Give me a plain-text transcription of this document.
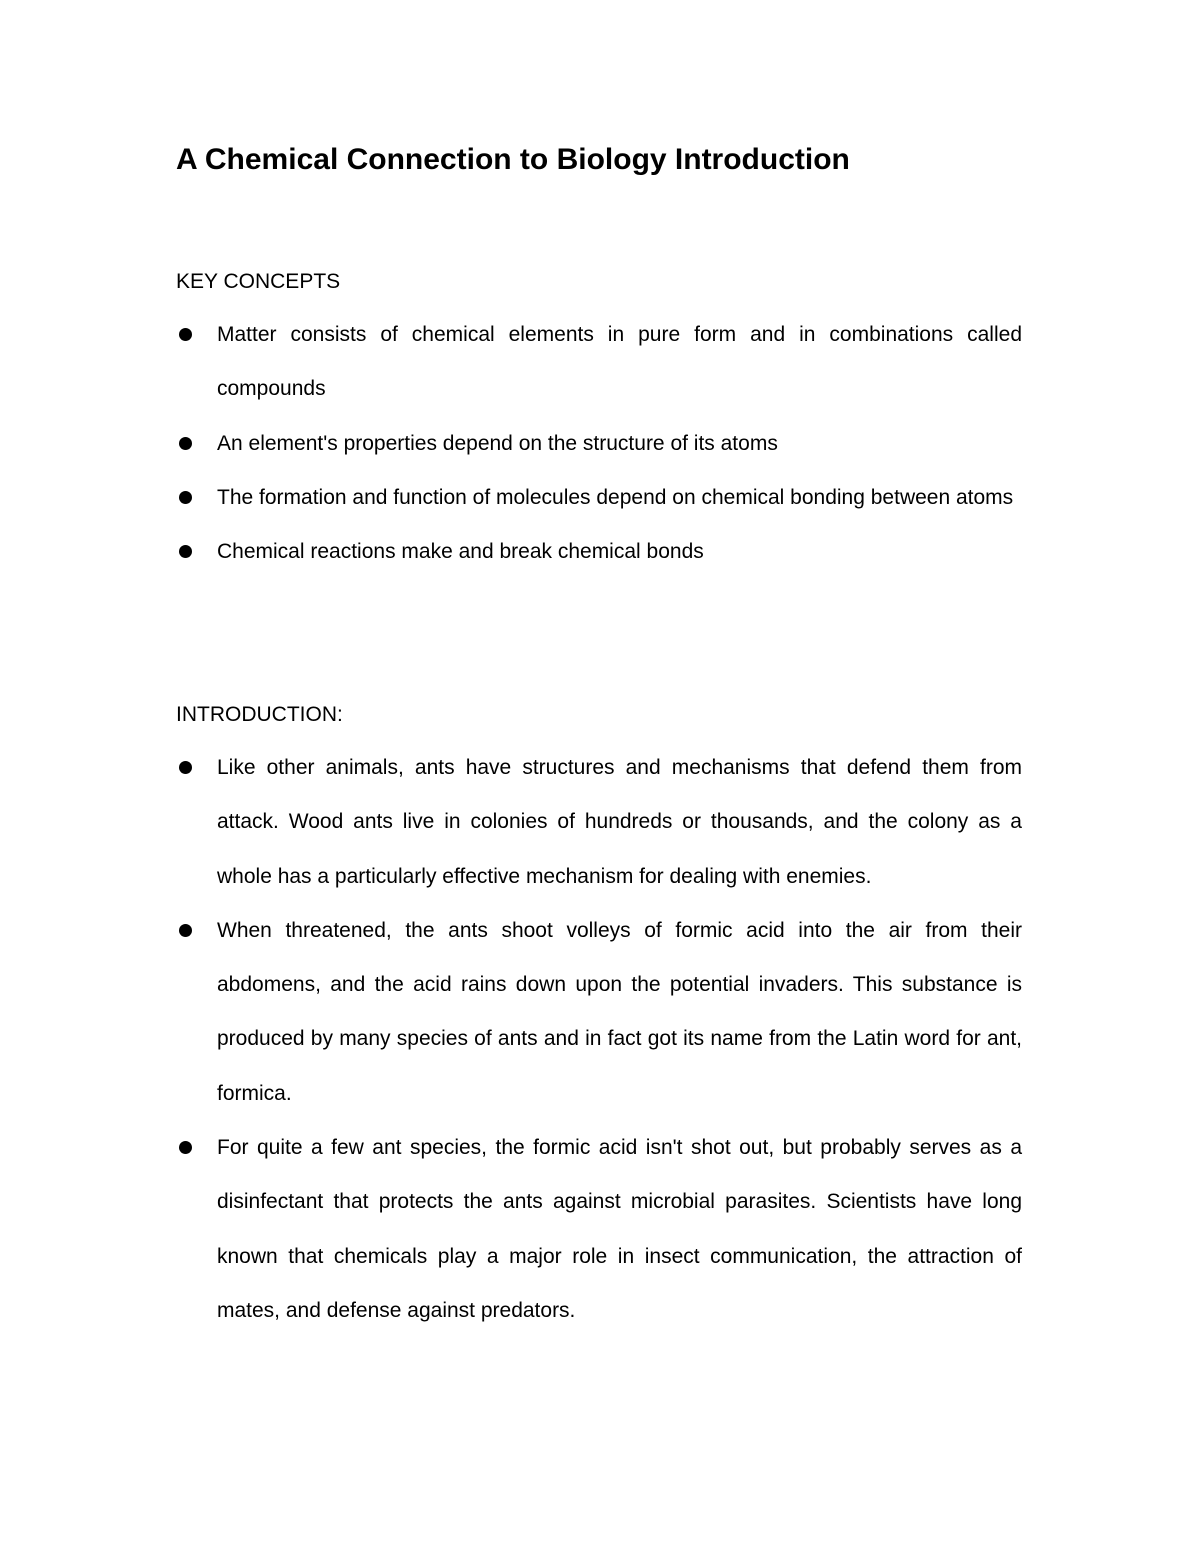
A Chemical Connection to Biology Introduction
KEY CONCEPTS
Matter consists of chemical elements in pure form and in combinations called compounds
An element's properties depend on the structure of its atoms
The formation and function of molecules depend on chemical bonding between atoms
Chemical reactions make and break chemical bonds
INTRODUCTION:
Like other animals, ants have structures and mechanisms that defend them from attack. Wood ants live in colonies of hundreds or thousands, and the colony as a whole has a particularly effective mechanism for dealing with enemies.
When threatened, the ants shoot volleys of formic acid into the air from their abdomens, and the acid rains down upon the potential invaders. This substance is produced by many species of ants and in fact got its name from the Latin word for ant, formica.
For quite a few ant species, the formic acid isn't shot out, but probably serves as a disinfectant that protects the ants against microbial parasites. Scientists have long known that chemicals play a major role in insect communication, the attraction of mates, and defense against predators.
